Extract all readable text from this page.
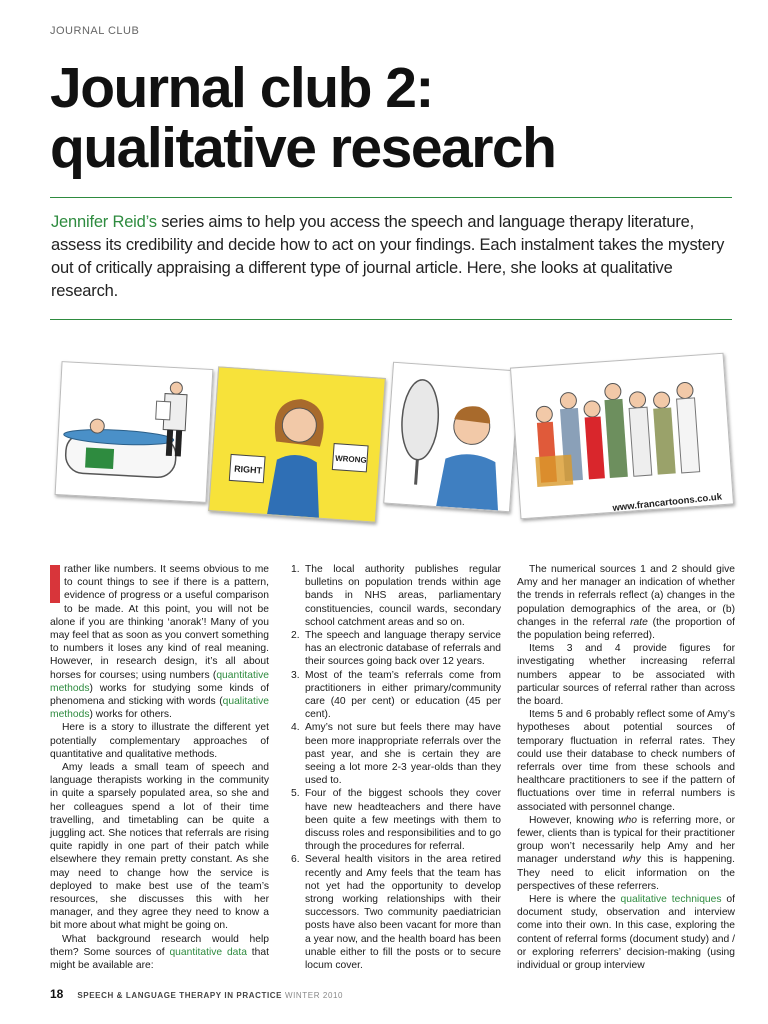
JOURNAL CLUB
Journal club 2:
qualitative research

Jennifer Reid’s series aims to help you access the speech and language therapy literature, assess its credibility and decide how to act on your findings. Each instalment takes the mystery out of critically appraising a different type of journal article. Here, she looks at qualitative research.

RIGHT
WRONG
www.francartoons.co.uk

rather like numbers. It seems obvious to me to count things to see if there is a pattern, evidence of progress or a useful comparison to be made. At this point, you will not be alone if you are thinking ‘anorak’! Many of you may feel that as soon as you convert something to numbers it loses any kind of real meaning. However, in research design, it’s all about horses for courses; using numbers (quantitative methods) works for studying some kinds of phenomena and sticking with words (qualitative methods) works for others.

Here is a story to illustrate the different yet potentially complementary approaches of quantitative and qualitative methods.

Amy leads a small team of speech and language therapists working in the community in quite a sparsely populated area, so she and her colleagues spend a lot of their time travelling, and timetabling can be quite a juggling act. She notices that referrals are rising quite rapidly in one part of their patch while elsewhere they remain pretty constant. As she may need to change how the service is deployed to make best use of the team’s resources, she discusses this with her manager, and they agree they need to know a bit more about what might be going on.

What background research would help them? Some sources of quantitative data that might be available are:

1. The local authority publishes regular bulletins on population trends within age bands in NHS areas, parliamentary constituencies, council wards, secondary school catchment areas and so on.
2. The speech and language therapy service has an electronic database of referrals and their sources going back over 12 years.
3. Most of the team’s referrals come from practitioners in either primary/community care (40 per cent) or education (45 per cent).
4. Amy’s not sure but feels there may have been more inappropriate referrals over the past year, and she is certain they are seeing a lot more 2-3 year-olds than they used to.
5. Four of the biggest schools they cover have new headteachers and there have been quite a few meetings with them to discuss roles and responsibilities and to go through the procedures for referral.
6. Several health visitors in the area retired recently and Amy feels that the team has not yet had the opportunity to develop strong working relationships with their successors. Two community paediatrician posts have also been vacant for more than a year now, and the health board has been unable either to fill the posts or to secure locum cover.

The numerical sources 1 and 2 should give Amy and her manager an indication of whether the trends in referrals reflect (a) changes in the population demographics of the area, or (b) changes in the referral rate (the proportion of the population being referred).

Items 3 and 4 provide figures for investigating whether increasing referral numbers appear to be associated with particular sources of referral rather than across the board.

Items 5 and 6 probably reflect some of Amy’s hypotheses about potential sources of temporary fluctuation in referral rates. They could use their database to check numbers of referrals over time from these schools and healthcare practitioners to see if the pattern of fluctuations over time in referral numbers is associated with personnel change.

However, knowing who is referring more, or fewer, clients than is typical for their practitioner group won’t necessarily help Amy and her manager understand why this is happening. They need to elicit information on the perspectives of these referrers.

Here is where the qualitative techniques of document study, observation and interview come into their own. In this case, exploring the content of referral forms (document study) and / or exploring referrers’ decision-making (using individual or group interview

18 SPEECH & LANGUAGE THERAPY IN PRACTICE WINTER 2010
